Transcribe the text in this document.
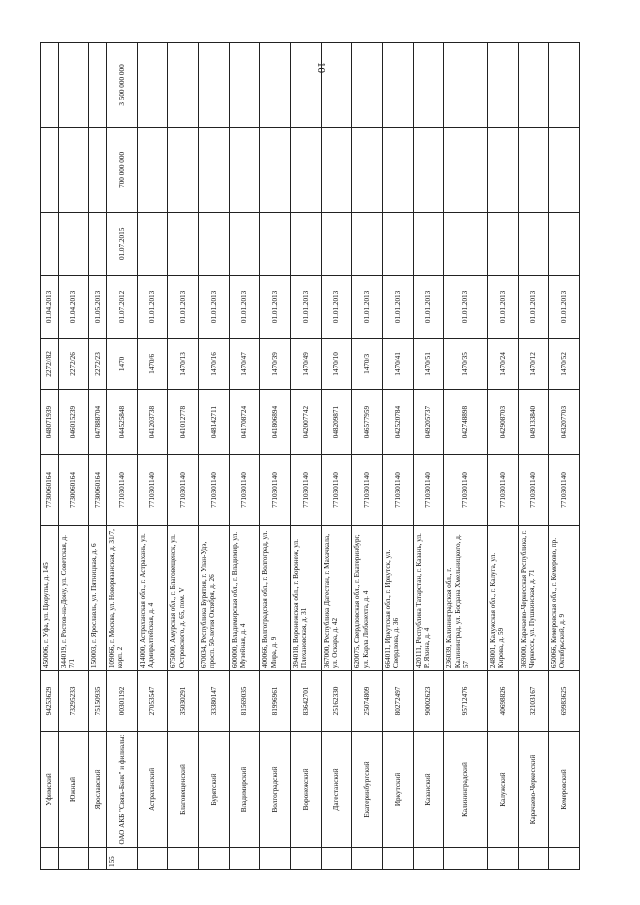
10
	Уфимский	94253629	450006, г. Уфа, ул. Цюрупы, д. 145	7730060164	048071939	2272//82	01.04.2013			
	Южный	73295233	344019, г. Ростов-на-Дону, ул. Советская, д. 7/1	7730060164	046015239	2272/26	01.04.2013			
	Ярославский	75150935	150003, г. Ярославль, ул. Пятницкая, д. 6	7730060164	047888704	2272/23	01.05.2013			
155	ОАО АКБ "Связь-Банк" и филиалы:	00301192	109066, г. Москва, ул. Новорязанская, д. 31/7, корп. 2	7710301140	044525848	1470	01.07.2012	01.07.2015	700 000 000	3 500 000 000
	Астраханский	27053547	414000, Астраханская обл., г. Астрахань, ул. Адмиралтейская, д. 4	7710301140	041203738	1470/6	01.01.2013			
	Благовещенский	35030291	675000, Амурская обл., г. Благовещенск, ул. Островского, д. 65, пом. V	7710301140	041012778	1470/13	01.01.2013			
	Бурятский	33380147	670034, Республика Бурятия, г. Улан-Удэ, просп. 50-летия Октября, д. 26	7710301140	048142711	1470/16	01.01.2013			
	Владимирский	81569035	600000, Владимирская обл., г. Владимир, ул. Музейная, д. 4	7710301140	041708724	1470/47	01.01.2013			
	Волгоградский	81996961	400066, Волгоградская обл., г. Волгоград, ул. Мира, д. 9	7710301140	041806894	1470/39	01.01.2013			
	Воронежский	83642701	394018, Воронежская обл., г. Воронеж, ул. Плехановская, д. 31	7710301140	042007742	1470/49	01.01.2013			
	Дагестанский	25162330	367000, Республика Дагестан, г. Махачкала, ул. Оскара, д. 42	7710301140	048209871	1470/10	01.01.2013			
	Екатеринбургский	25074809	620075, Свердловская обл., г. Екатеринбург, ул. Карла Либкнехта, д. 4	7710301140	046577959	1470/3	01.01.2013			
	Иркутский	80272497	664011, Иркутская обл., г. Иркутск, ул. Свердлова, д. 36	7710301140	042520784	1470/41	01.01.2013			
	Казанский	90002623	420111, Республика Татарстан, г. Казань, ул. Р. Яхина, д. 4	7710301140	049205737	1470/51	01.01.2013			
	Калининградский	95712476	236039, Калининградская обл., г. Калининград, ул. Богдана Хмельницкого, д. 57	7710301140	042748898	1470/35	01.01.2013			
	Калужский	40698826	248001, Калужская обл., г. Калуга, ул. Кирова, д. 59	7710301140	042908703	1470/24	01.01.2013			
	Карачаево-Черкесский	32103167	369000, Карачаево-Черкесская Республика, г. Черкесск, ул. Пушкинская, д. 71	7710301140	049133840	1470/12	01.01.2013			
	Кемеровский	69983625	650066, Кемеровская обл., г. Кемерово, пр. Октябрьский, д. 9	7710301140	043207703	1470/52	01.01.2013			
